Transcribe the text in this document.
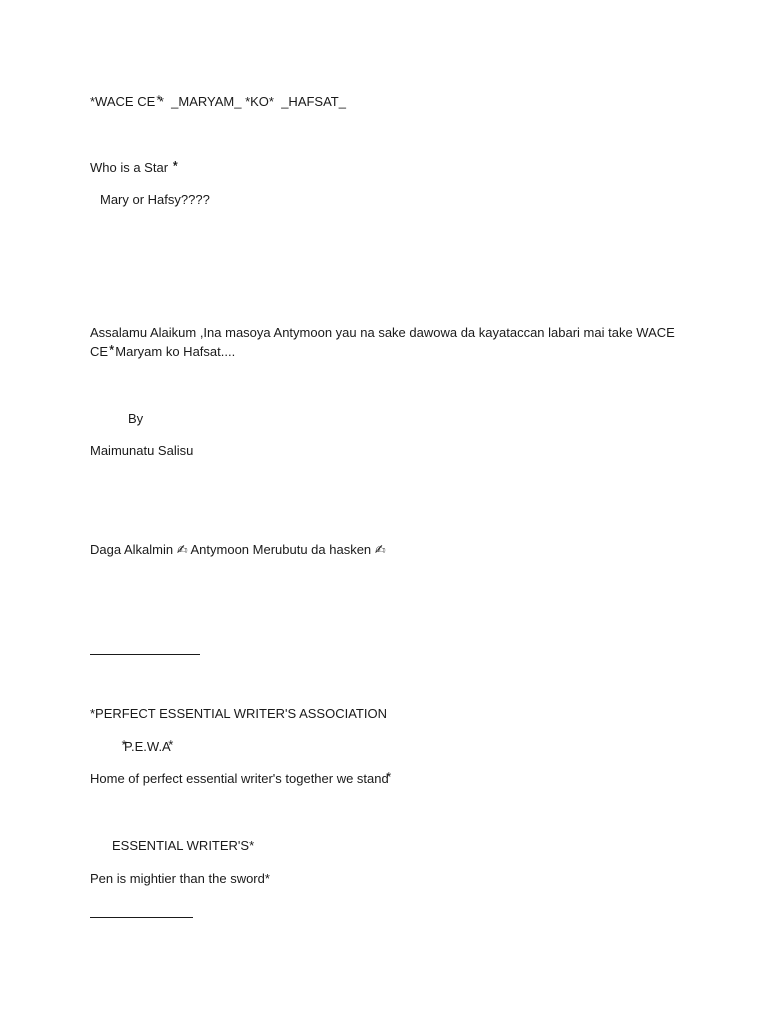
*WACE CE ⃰*  _MARYAM_ *KO*  _HAFSAT_
Who is a Star  ⃰⃰⃰⃰
Mary or Hafsy????
Assalamu Alaikum ,Ina masoya Antymoon yau na sake dawowa da kayataccan labari mai take WACE CE ⃰⃰⃰ Maryam ko Hafsat....
By
Maimunatu Salisu
Daga Alkalmin ✍ Antymoon Merubutu da hasken ✍
*PERFECT ESSENTIAL WRITER'S ASSOCIATION
⃰P.E.W.A⃰
Home of perfect essential writer's together we stand⃰
ESSENTIAL WRITER'S*
Pen is mightier than the sword*
